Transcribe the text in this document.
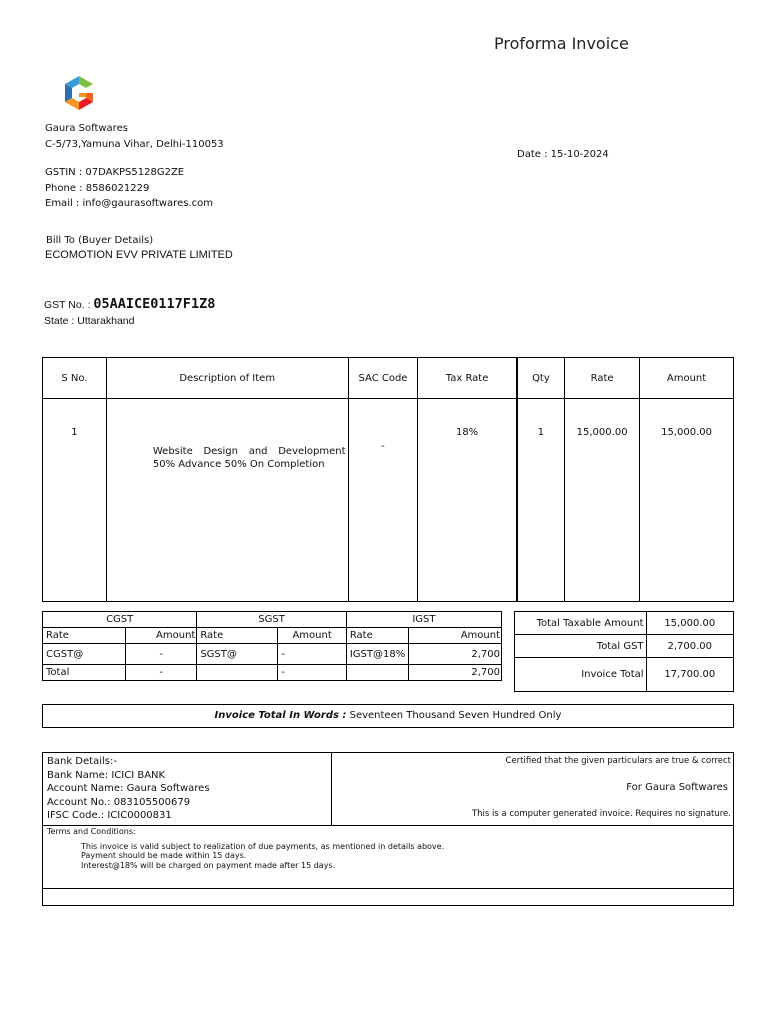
Proforma Invoice
Gaura Softwares
C-5/73,Yamuna Vihar, Delhi-110053
GSTIN : 07DAKPS5128G2ZE
Phone : 8586021229
Email : info@gaurasoftwares.com
Date : 15-10-2024
Bill To (Buyer Details)
ECOMOTION EVV PRIVATE LIMITED
GST No. : 05AAICE0117F1Z8
State : Uttarakhand
S No.	Description of Item	SAC Code	Tax Rate	Qty	Rate	Amount
1	Website Design and Development 50% Advance 50% On Completion	-	18%	1	15,000.00	15,000.00
CGST		SGST		IGST	
Rate	Amount	Rate	Amount	Rate	Amount
CGST@	-	SGST@	-	IGST@18%	2,700
Total	-		-		2,700
Total Taxable Amount	15,000.00
Total GST	2,700.00
Invoice Total	17,700.00
Invoice Total In Words : Seventeen Thousand Seven Hundred Only
Bank Details:-
Bank Name: ICICI BANK
Account Name: Gaura Softwares
Account No.: 083105500679
IFSC Code.: ICIC0000831

Certified that the given particulars are true & correct
For Gaura Softwares
This is a computer generated invoice. Requires no signature.

Terms and Conditions:
This invoice is valid subject to realization of due payments, as mentioned in details above.
Payment should be made within 15 days.
Interest@18% will be charged on payment made after 15 days.
